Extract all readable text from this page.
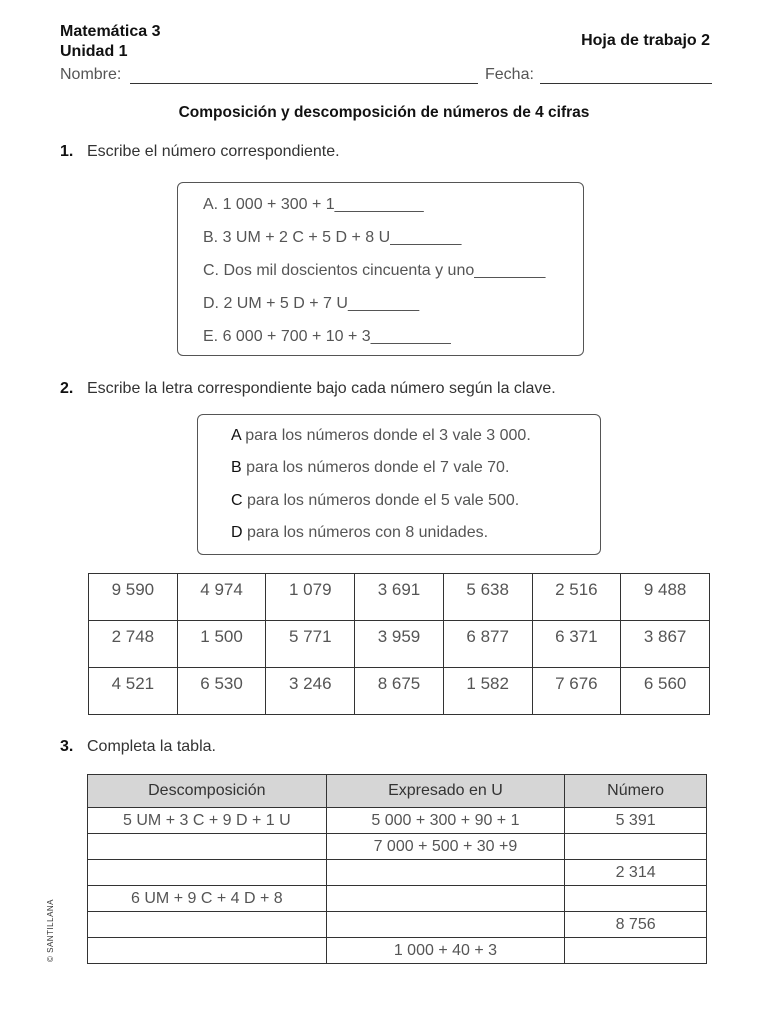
Matemática 3
Unidad 1
Hoja de trabajo 2
Nombre:	Fecha:
Composición y descomposición de números de 4 cifras
1. Escribe el número correspondiente.
A. 1 000 + 300 + 1__________
B. 3 UM + 2 C + 5 D + 8 U________
C. Dos mil doscientos cincuenta y uno________
D. 2 UM + 5 D + 7 U________
E. 6 000 + 700 + 10 + 3_________
2. Escribe la letra correspondiente bajo cada número según la clave.
A para los números donde el 3 vale 3 000.
B para los números donde el 7 vale 70.
C para los números donde el 5 vale 500.
D para los números con 8 unidades.
9 590	4 974	1 079	3 691	5 638	2 516	9 488
2 748	1 500	5 771	3 959	6 877	6 371	3 867
4 521	6 530	3 246	8 675	1 582	7 676	6 560
3. Completa la tabla.
Descomposición	Expresado en U	Número
5 UM + 3 C + 9 D + 1 U	5 000 + 300 + 90 + 1	5 391
	7 000 + 500 + 30 +9	
		2 314
6 UM + 9 C + 4 D + 8		
		8 756
	1 000 + 40 + 3	
© SANTILLANA
